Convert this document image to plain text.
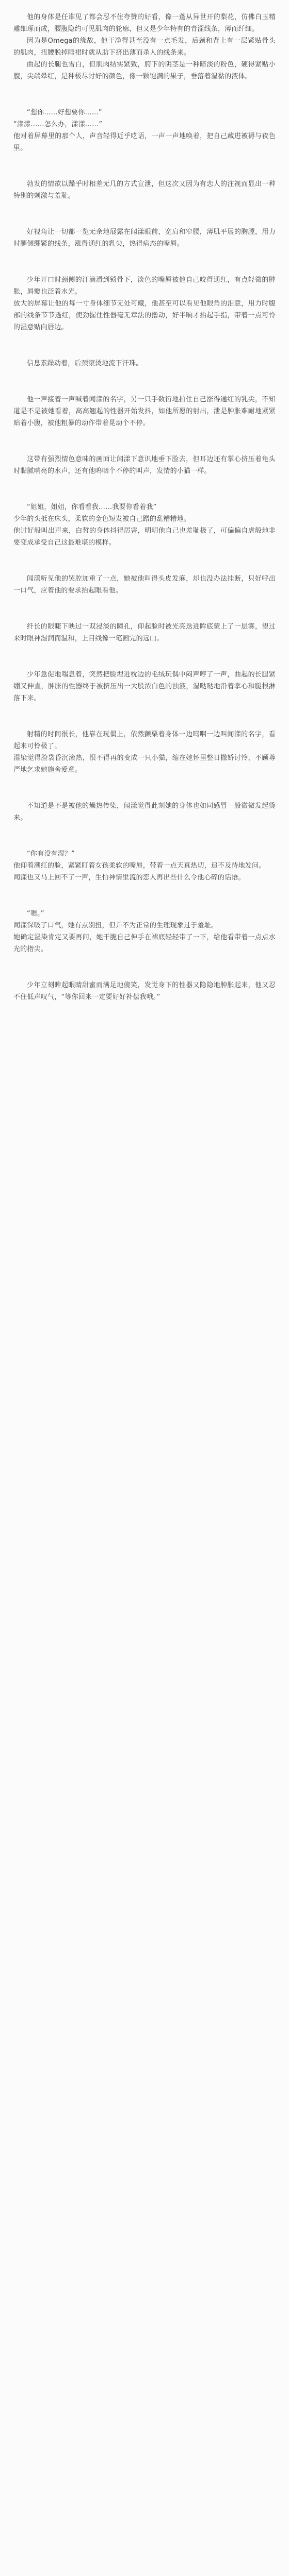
他的身体是任谁见了都会忍不住夸赞的好看，像一蓬从异世开的梨花，仿佛白玉精雕细琢而成，腰腹隐约可见肌肉的轮廓，但又是少年特有的青涩线条，薄而纤细。

因为是Omega的缘故，他干净得甚至没有一点毛发，后颈和背上有一层紧贴骨头的肌肉，扭腰脱掉睡裙时就从肋下挤出薄而杀人的线条来。

曲起的长腿也雪白，但肌肉结实紧致，胯下的阴茎是一种暗淡的粉色，硬得紧贴小腹，尖端晕红，是种极尽讨好的颜色，像一颗饱满的果子，垂落着湿黏的液体。

“想你……好想要你……”
“漾漾……怎么办，漾漾……”
他对着屏幕里的那个人，声音轻得近乎呓语，一声一声地唤着，把自己藏进被褥与夜色里。

勃发的情欲以躁乎时相差无几的方式宣泄，但这次又因为有恋人的注视而显出一种特别的刺激与羞耻。

好视角让一切都一览无余地展露在闻漾眼前，宽肩和窄腰，薄肌平展的胸膛，用力时腿侧绷紧的线条，涨得通红的乳尖，热得病态的嘴唇。

少年开口时颈侧的汗滴滑到锁骨下，淡色的嘴唇被他自己咬得通红，有点轻微的肿胀，唇瓣也泛着水光。
放大的屏幕让他的每一寸身体细节无处可藏，他甚至可以看见他眼角的泪意，用力时腹部的线条节节透红，使劲握住性器毫无章法的撸动，好半晌才抬起手指，带着一点可怜的湿意贴向唇边。

信息素躁动着，后颈滚烫地流下汗珠。

他一声接着一声喊着闻漾的名字，另一只手数衍地拍住自己涨得通红的乳尖，不知道是不是被她看着，高高翘起的性器开始发抖，如他所愿的射出，泄是肿胀难耐地紧紧贴着小腹，被他粗暴的动作带着晃动个不停。

这带有强烈情色意味的画面让闻漾下意识地垂下脸去，但耳边还有掌心挤压着龟头时黏腻响亮的水声，还有他呜咽个不停的叫声，发情的小猫一样。

“姐姐，姐姐，你看看我……我要你看着我”
少年的头抵在床头，柔软的金色短发被自己蹭的乱糟糟地。
他讨好般叫出声来，白皙的身体抖得厉害，明明他自己也羞耻极了，可偏偏自虐般地非要变成承受自己这最难堪的模样。

闻漾听见他的哭腔加重了一点，她被他叫得头皮发麻，却也没办法挂断，只好呼出一口气，应着他的要求抬起眼看他。

纤长的眼睫下映过一双浸淡的瞳孔，仰起脸时被光亮迭进眸底蒙上了一层雾，望过来时眼神湿润而温和，上目线像一笔画完的远山。

少年急促地喘息着，突然把脸埋进枕边的毛绒玩偶中闷声哼了一声，曲起的长腿紧绷又伸直，肿胀的性器终于被挤压出一大股浓白色的浊液，湿哒哒地沿着掌心和腿根淋落下来。

射精的时间很长，他靠在玩偶上，依然颤栗着身体一边呜咽一边叫闻漾的名字，看起来可怜极了。
湿染觉得脸袋昏沉滚热，恨不得再的变成一只小猫，缩在她怀里整日撒娇讨怜，不顾尊严地乞求她施舍爱意。

不知道是不是被他的燥热传染，闻漾觉得此刻她的身体也如同感冒一般微微发起烫来。

“你有没有湿？”
他仰着潮红的脸，紧紧盯着女孩柔软的嘴唇，带着一点天真热切，追不及待地发问。
闻漾也又马上回不了一声，生怕神情里流的恋人再出些什么令他心碎的话语。

“嗯。”
闻漾深吸了口气，她有点别扭，但并不为正常的生理现象过于羞耻。
她确定湿染肯定又要再问，她干脆自己伸手在裙底轻轻带了一下，给他看带着一点点水光的指尖。

少年立刻眸起眼睛甜蜜而满足地傻笑，发觉身下的性器又隐隐地肿胀起来，他又忍不住低声叹气，“等你回来一定要好好补偿我哦。”
